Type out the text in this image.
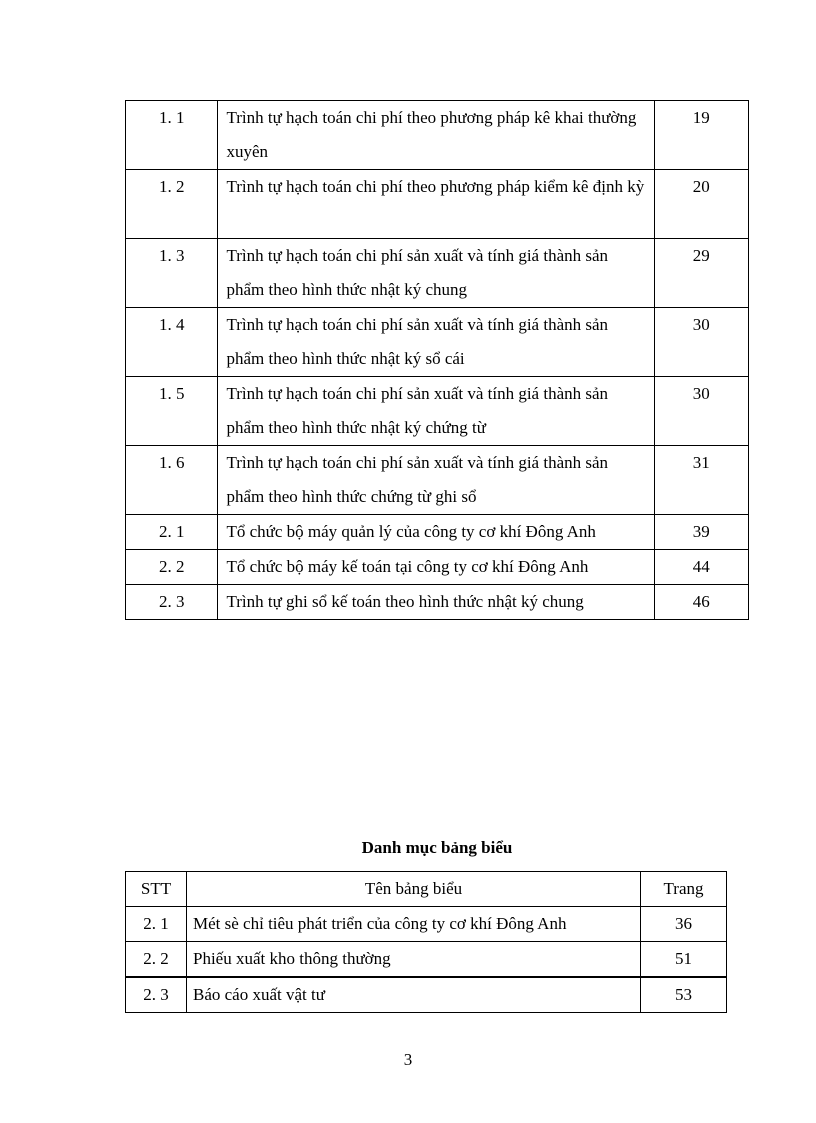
1. 1	Trình tự hạch toán chi phí theo phương pháp kê khai thường xuyên	19
1. 2	Trình tự hạch toán chi phí theo phương pháp kiểm kê định kỳ	20
1. 3	Trình tự hạch toán chi phí sản xuất và tính giá thành sản phẩm theo hình thức nhật ký chung	29
1. 4	Trình tự hạch toán chi phí sản xuất và tính giá thành sản phẩm theo hình thức nhật ký sổ cái	30
1. 5	Trình tự hạch toán chi phí sản xuất và tính giá thành sản phẩm theo hình thức nhật ký chứng từ	30
1. 6	Trình tự hạch toán chi phí sản xuất và tính giá thành sản phẩm theo hình thức chứng từ ghi sổ	31
2. 1	Tổ chức bộ máy quản lý của công ty cơ khí Đông Anh	39
2. 2	Tổ chức bộ máy kế toán tại công ty cơ khí Đông Anh	44
2. 3	Trình tự ghi sổ kế toán theo hình thức nhật ký chung	46
Danh mục bảng biểu
STT	Tên bảng biểu	Trang
2. 1	Mét sè chỉ tiêu phát triển của công ty cơ khí Đông Anh	36
2. 2	Phiếu xuất kho thông thường	51
2. 3	Báo cáo xuất vật tư	53
3
